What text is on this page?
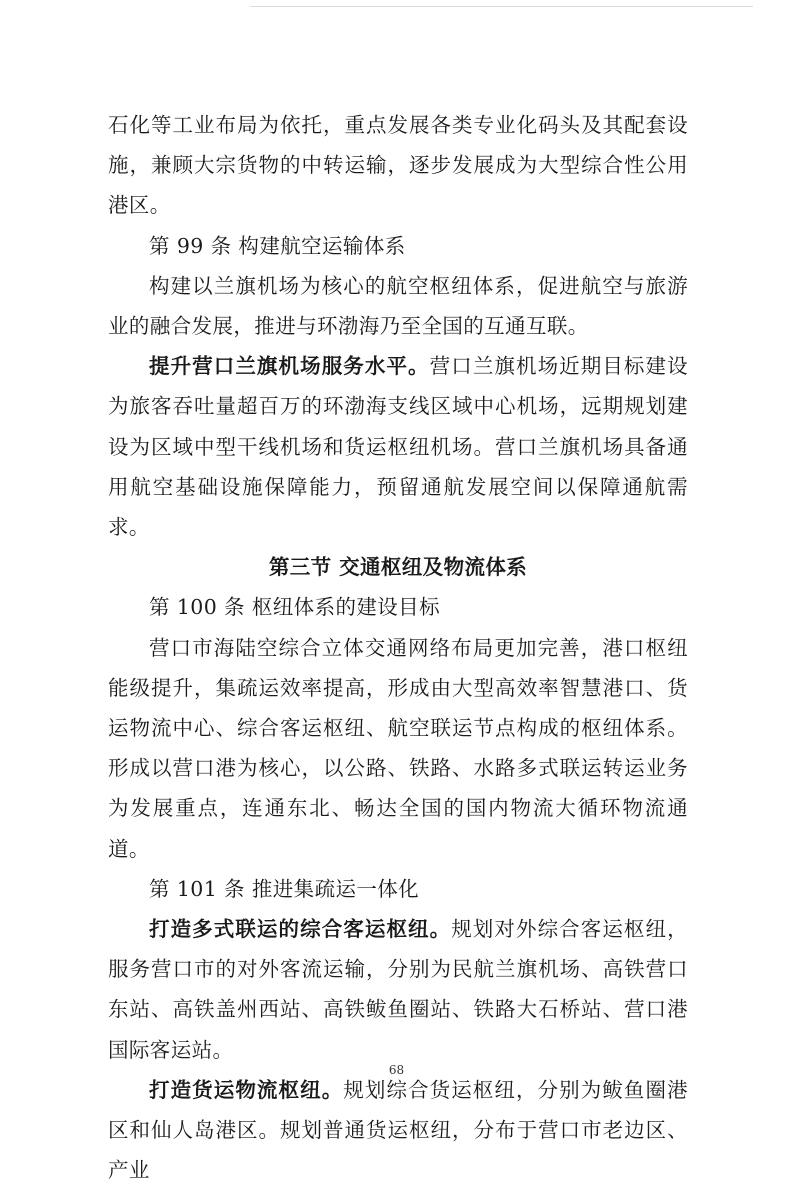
石化等工业布局为依托，重点发展各类专业化码头及其配套设施，兼顾大宗货物的中转运输，逐步发展成为大型综合性公用港区。

第 99 条 构建航空运输体系

构建以兰旗机场为核心的航空枢纽体系，促进航空与旅游业的融合发展，推进与环渤海乃至全国的互通互联。

提升营口兰旗机场服务水平。营口兰旗机场近期目标建设为旅客吞吐量超百万的环渤海支线区域中心机场，远期规划建设为区域中型干线机场和货运枢纽机场。营口兰旗机场具备通用航空基础设施保障能力，预留通航发展空间以保障通航需求。

第三节 交通枢纽及物流体系

第 100 条 枢纽体系的建设目标

营口市海陆空综合立体交通网络布局更加完善，港口枢纽能级提升，集疏运效率提高，形成由大型高效率智慧港口、货运物流中心、综合客运枢纽、航空联运节点构成的枢纽体系。形成以营口港为核心，以公路、铁路、水路多式联运转运业务为发展重点，连通东北、畅达全国的国内物流大循环物流通道。

第 101 条 推进集疏运一体化

打造多式联运的综合客运枢纽。规划对外综合客运枢纽，服务营口市的对外客流运输，分别为民航兰旗机场、高铁营口东站、高铁盖州西站、高铁鲅鱼圈站、铁路大石桥站、营口港国际客运站。

打造货运物流枢纽。规划综合货运枢纽，分别为鲅鱼圈港区和仙人岛港区。规划普通货运枢纽，分布于营口市老边区、产业

68
